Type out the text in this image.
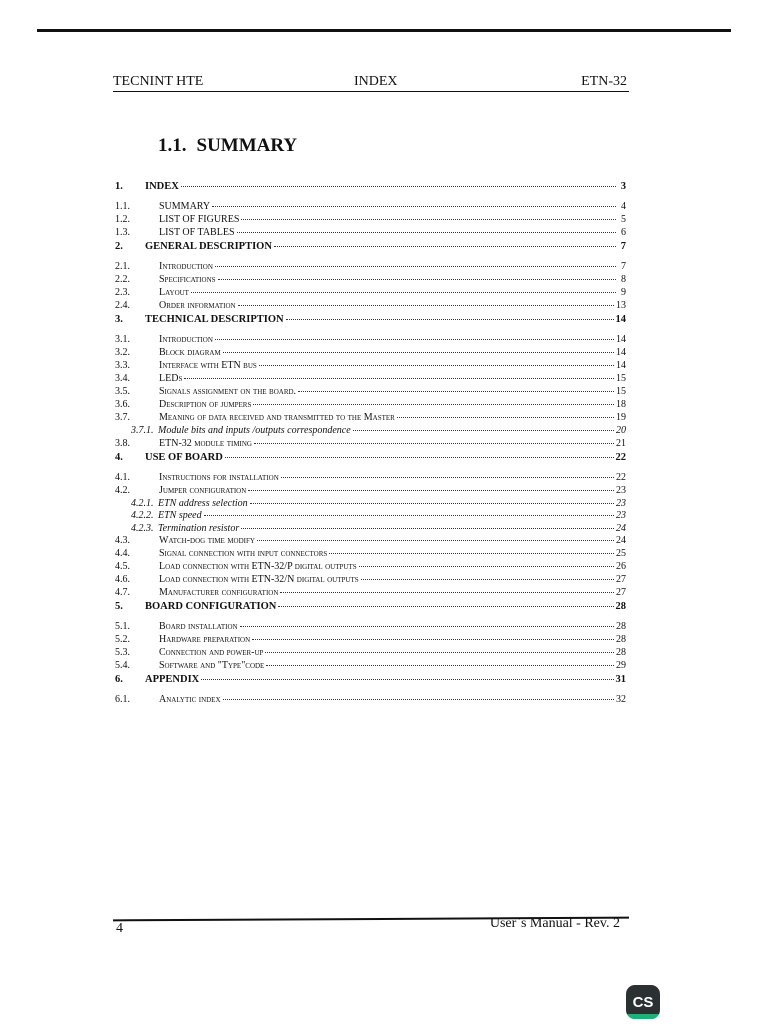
TECNINT HTE	INDEX	ETN-32
1.1. SUMMARY
1.	INDEX	3
1.1.	SUMMARY	4
1.2.	LIST OF FIGURES	5
1.3.	LIST OF TABLES	6
2.	GENERAL DESCRIPTION	7
2.1.	Introduction	7
2.2.	Specifications	8
2.3.	Layout	9
2.4.	Order information	13
3.	TECHNICAL DESCRIPTION	14
3.1.	Introduction	14
3.2.	Block diagram	14
3.3.	Interface with ETN bus	14
3.4.	LEDs	15
3.5.	Signals assignment on the board.	15
3.6.	Description of jumpers	18
3.7.	Meaning of data received and transmitted to the Master	19
3.7.1. Module bits and inputs /outputs correspondence	20
3.8.	ETN-32 module timing	21
4.	USE OF BOARD	22
4.1.	Instructions for installation	22
4.2.	Jumper configuration	23
4.2.1. ETN address selection	23
4.2.2. ETN speed	23
4.2.3. Termination resistor	24
4.3.	Watch-dog time modify	24
4.4.	Signal connection with input connectors	25
4.5.	Load connection with ETN-32/P digital outputs	26
4.6.	Load connection with ETN-32/N digital outputs	27
4.7.	Manufacturer configuration	27
5.	BOARD CONFIGURATION	28
5.1.	Board installation	28
5.2.	Hardware preparation	28
5.3.	Connection and power-up	28
5.4.	Software and "Type"code	29
6.	APPENDIX	31
6.1.	Analytic index	32
4	User`s Manual - Rev. 2
CS
